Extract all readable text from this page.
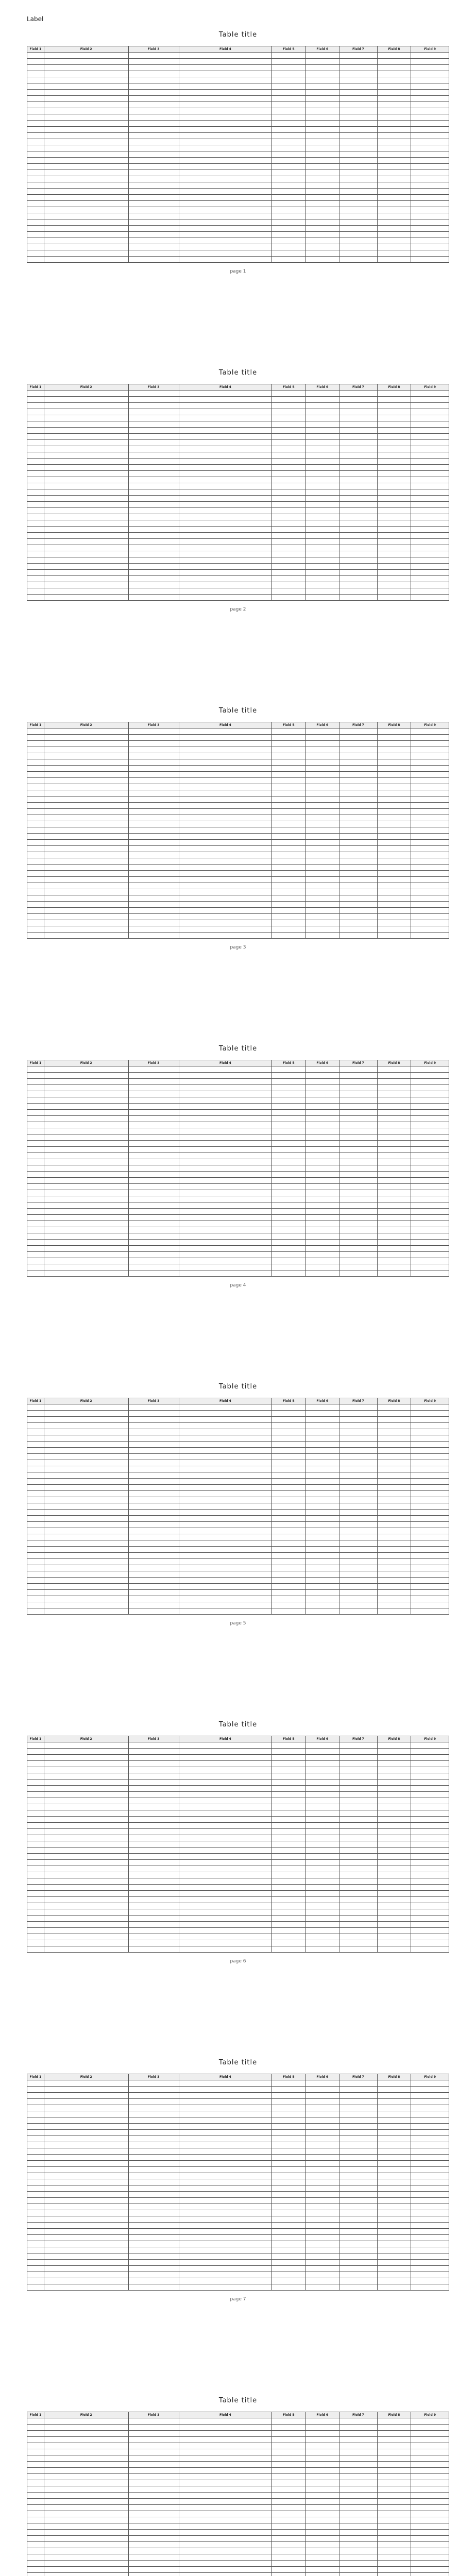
Label
Table title
Field 1	Field 2	Field 3	Field 4	Field 5	Field 6	Field 7	Field 8	Field 9

page 1
Table title
Field 1	Field 2	Field 3	Field 4	Field 5	Field 6	Field 7	Field 8	Field 9

page 2
Table title
Field 1	Field 2	Field 3	Field 4	Field 5	Field 6	Field 7	Field 8	Field 9

page 3
Table title
Field 1	Field 2	Field 3	Field 4	Field 5	Field 6	Field 7	Field 8	Field 9

page 4
Table title
Field 1	Field 2	Field 3	Field 4	Field 5	Field 6	Field 7	Field 8	Field 9

page 5
Table title
Field 1	Field 2	Field 3	Field 4	Field 5	Field 6	Field 7	Field 8	Field 9

page 6
Table title
Field 1	Field 2	Field 3	Field 4	Field 5	Field 6	Field 7	Field 8	Field 9

page 7
Table title
Field 1	Field 2	Field 3	Field 4	Field 5	Field 6	Field 7	Field 8	Field 9
